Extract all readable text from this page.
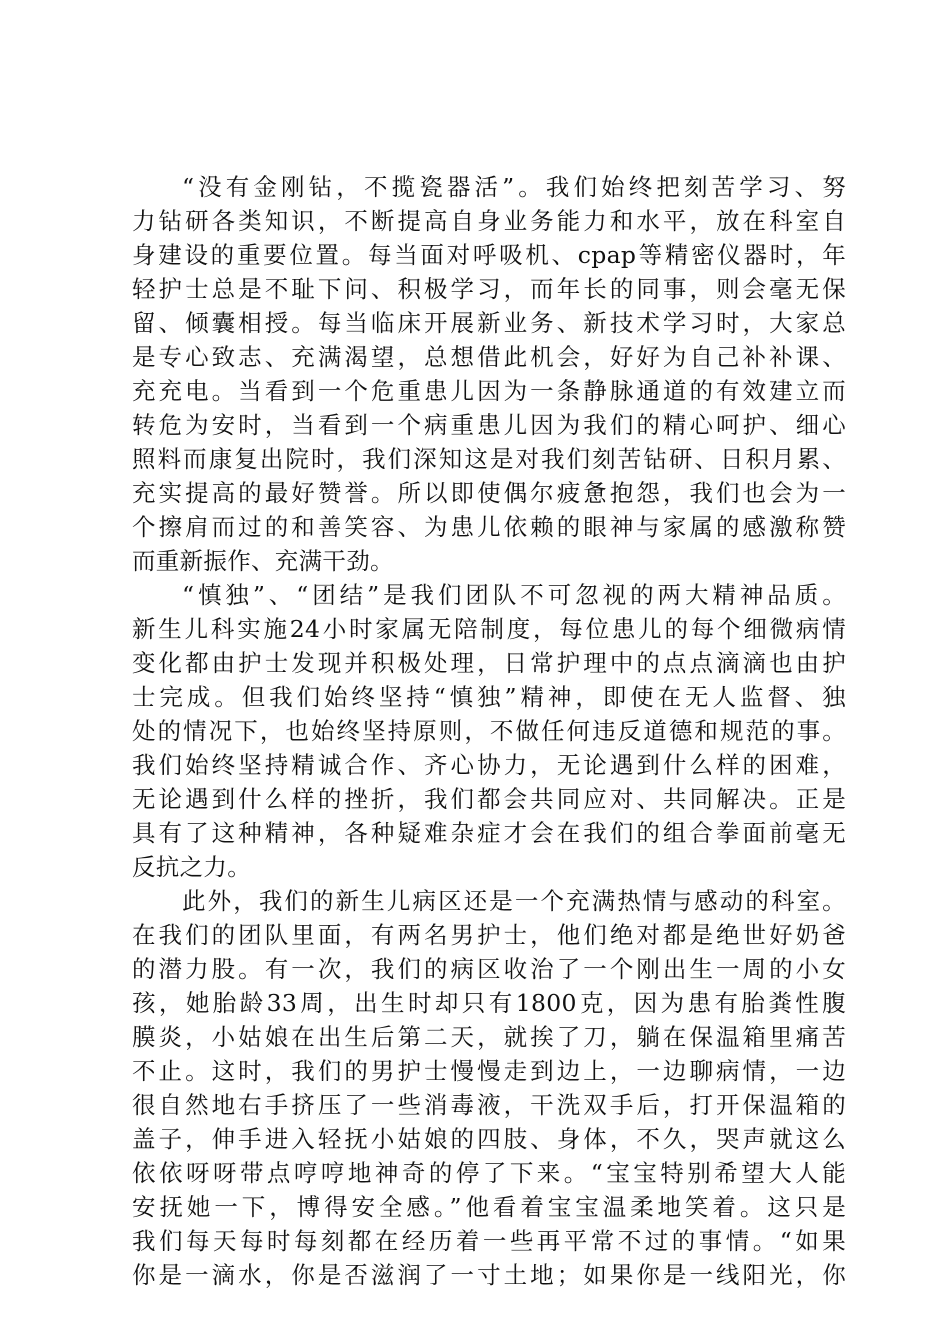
“没有金刚钻，不揽瓷器活”。我们始终把刻苦学习、努
力钻研各类知识，不断提高自身业务能力和水平，放在科室自
身建设的重要位置。每当面对呼吸机、cpap等精密仪器时，年
轻护士总是不耻下问、积极学习，而年长的同事，则会毫无保
留、倾囊相授。每当临床开展新业务、新技术学习时，大家总
是专心致志、充满渴望，总想借此机会，好好为自己补补课、
充充电。当看到一个危重患儿因为一条静脉通道的有效建立而
转危为安时，当看到一个病重患儿因为我们的精心呵护、细心
照料而康复出院时，我们深知这是对我们刻苦钻研、日积月累、
充实提高的最好赞誉。所以即使偶尔疲惫抱怨，我们也会为一
个擦肩而过的和善笑容、为患儿依赖的眼神与家属的感激称赞
而重新振作、充满干劲。
“慎独”、“团结”是我们团队不可忽视的两大精神品质。
新生儿科实施24小时家属无陪制度，每位患儿的每个细微病情
变化都由护士发现并积极处理，日常护理中的点点滴滴也由护
士完成。但我们始终坚持“慎独”精神，即使在无人监督、独
处的情况下，也始终坚持原则，不做任何违反道德和规范的事。
我们始终坚持精诚合作、齐心协力，无论遇到什么样的困难，
无论遇到什么样的挫折，我们都会共同应对、共同解决。正是
具有了这种精神，各种疑难杂症才会在我们的组合拳面前毫无
反抗之力。
此外，我们的新生儿病区还是一个充满热情与感动的科室。
在我们的团队里面，有两名男护士，他们绝对都是绝世好奶爸
的潜力股。有一次，我们的病区收治了一个刚出生一周的小女
孩，她胎龄33周，出生时却只有1800克，因为患有胎粪性腹
膜炎，小姑娘在出生后第二天，就挨了刀，躺在保温箱里痛苦
不止。这时，我们的男护士慢慢走到边上，一边聊病情，一边
很自然地右手挤压了一些消毒液，干洗双手后，打开保温箱的
盖子，伸手进入轻抚小姑娘的四肢、身体，不久，哭声就这么
依依呀呀带点哼哼地神奇的停了下来。“宝宝特别希望大人能
安抚她一下，博得安全感。”他看着宝宝温柔地笑着。这只是
我们每天每时每刻都在经历着一些再平常不过的事情。“如果
你是一滴水，你是否滋润了一寸土地；如果你是一线阳光，你
